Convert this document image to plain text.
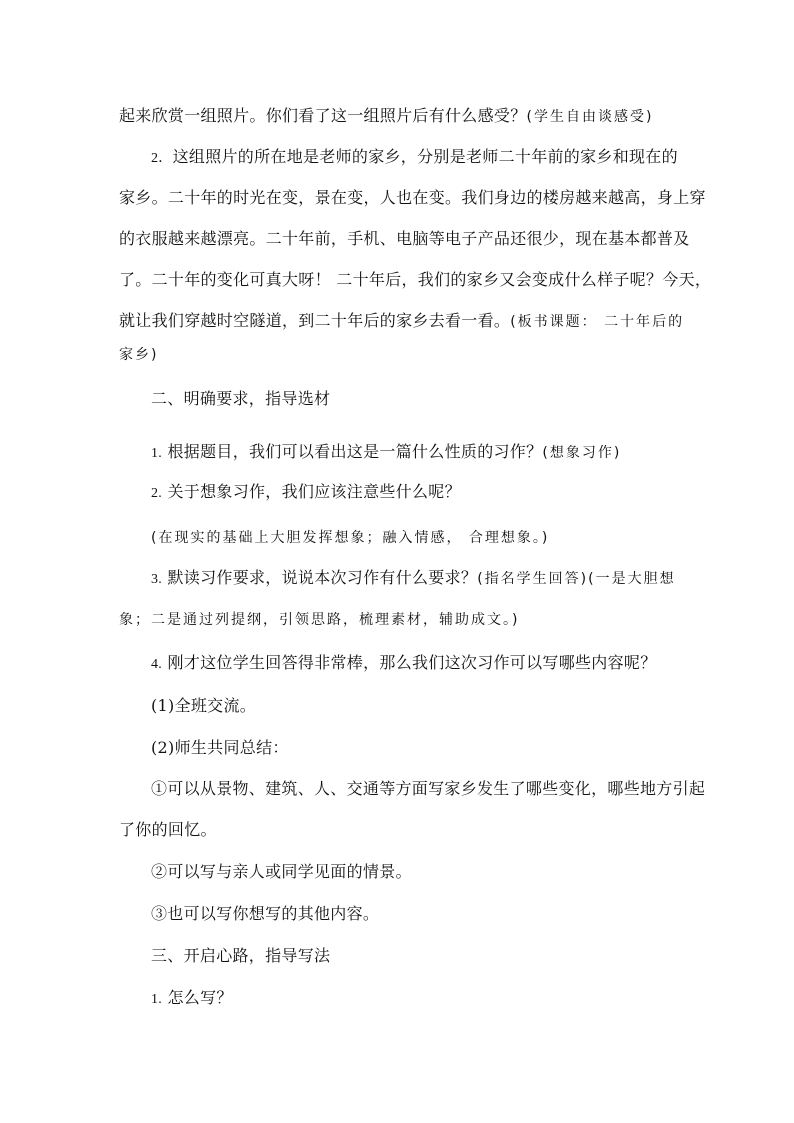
起来欣赏一组照片。你们看了这一组照片后有什么感受？(学生自由谈感受)
2．这组照片的所在地是老师的家乡，分别是老师二十年前的家乡和现在的
家乡。二十年的时光在变，景在变，人也在变。我们身边的楼房越来越高，身上穿
的衣服越来越漂亮。二十年前，手机、电脑等电子产品还很少，现在基本都普及
了。二十年的变化可真大呀！ 二十年后，我们的家乡又会变成什么样子呢？今天，
就让我们穿越时空隧道，到二十年后的家乡去看一看。(板书课题： 二十年后的
家乡)
二、明确要求，指导选材
1. 根据题目，我们可以看出这是一篇什么性质的习作？(想象习作)
2. 关于想象习作，我们应该注意些什么呢？
(在现实的基础上大胆发挥想象；融入情感， 合理想象。)
3. 默读习作要求，说说本次习作有什么要求？(指名学生回答)(一是大胆想
象；二是通过列提纲，引领思路，梳理素材，辅助成文。)
4. 刚才这位学生回答得非常棒，那么我们这次习作可以写哪些内容呢？
(1)全班交流。
(2)师生共同总结：
①可以从景物、建筑、人、交通等方面写家乡发生了哪些变化，哪些地方引起
了你的回忆。
②可以写与亲人或同学见面的情景。
③也可以写你想写的其他内容。
三、开启心路，指导写法
1. 怎么写？
